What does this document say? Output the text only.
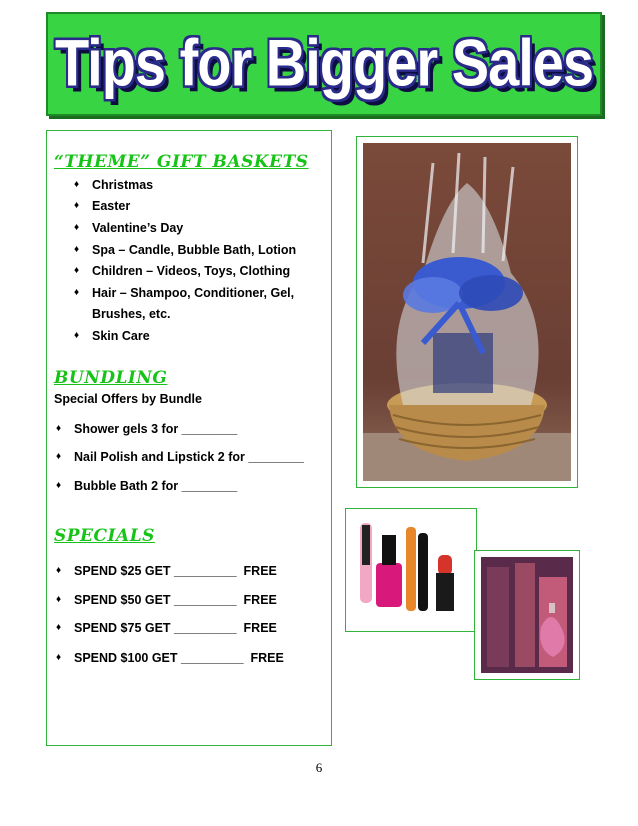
Tips for Bigger Sales
“THEME” GIFT BASKETS
♦ Christmas
♦ Easter
♦ Valentine’s Day
♦ Spa – Candle, Bubble Bath, Lotion
♦ Children – Videos, Toys, Clothing
♦ Hair – Shampoo, Conditioner, Gel,
Brushes, etc.
♦ Skin Care
BUNDLING
Special Offers by Bundle
♦ Shower gels 3 for ________
♦ Nail Polish and Lipstick 2 for ________
♦ Bubble Bath 2 for ________
SPECIALS
♦ SPEND $25 GET _________  FREE
♦ SPEND $50 GET _________  FREE
♦ SPEND $75 GET _________  FREE
♦ SPEND $100 GET _________  FREE
6
